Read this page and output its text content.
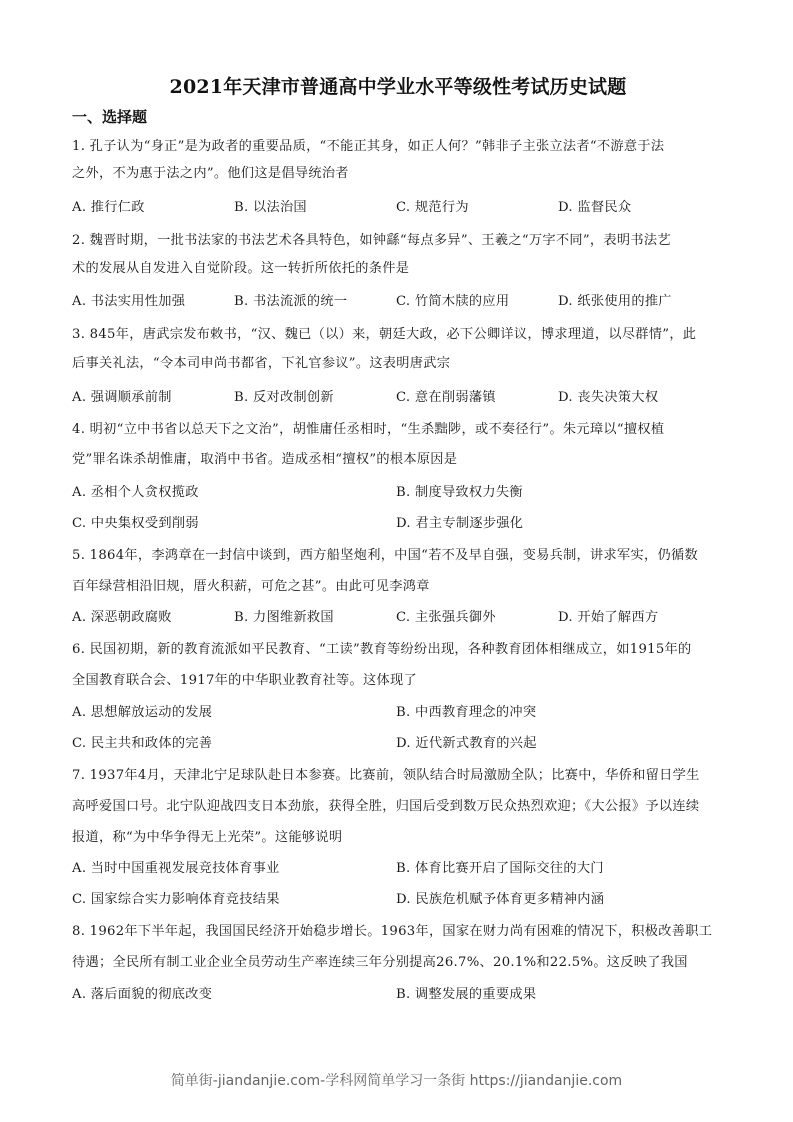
2021年天津市普通高中学业水平等级性考试历史试题
一、选择题
1. 孔子认为“身正”是为政者的重要品质，“不能正其身，如正人何？”韩非子主张立法者“不游意于法
之外，不为惠于法之内”。他们这是倡导统治者
A. 推行仁政	B. 以法治国	C. 规范行为	D. 监督民众
2. 魏晋时期，一批书法家的书法艺术各具特色，如钟繇“每点多异”、王羲之“万字不同”，表明书法艺
术的发展从自发进入自觉阶段。这一转折所依托的条件是
A. 书法实用性加强	B. 书法流派的统一	C. 竹简木牍的应用	D. 纸张使用的推广
3. 845年，唐武宗发布敕书，“汉、魏已（以）来，朝廷大政，必下公卿详议，博求理道，以尽群情”，此
后事关礼法，“令本司申尚书都省，下礼官参议”。这表明唐武宗
A. 强调顺承前制	B. 反对改制创新	C. 意在削弱藩镇	D. 丧失决策大权
4. 明初“立中书省以总天下之文治”，胡惟庸任丞相时，“生杀黜陟，或不奏径行”。朱元璋以“擅权植
党”罪名诛杀胡惟庸，取消中书省。造成丞相“擅权”的根本原因是
A. 丞相个人贪权揽政	B. 制度导致权力失衡
C. 中央集权受到削弱	D. 君主专制逐步强化
5. 1864年，李鸿章在一封信中谈到，西方船坚炮利，中国“若不及早自强，变易兵制，讲求军实，仍循数
百年绿营相沿旧规，厝火积薪，可危之甚”。由此可见李鸿章
A. 深恶朝政腐败	B. 力图维新救国	C. 主张强兵御外	D. 开始了解西方
6. 民国初期，新的教育流派如平民教育、“工读”教育等纷纷出现，各种教育团体相继成立，如1915年的
全国教育联合会、1917年的中华职业教育社等。这体现了
A. 思想解放运动的发展	B. 中西教育理念的冲突
C. 民主共和政体的完善	D. 近代新式教育的兴起
7. 1937年4月，天津北宁足球队赴日本参赛。比赛前，领队结合时局激励全队；比赛中，华侨和留日学生
高呼爱国口号。北宁队迎战四支日本劲旅，获得全胜，归国后受到数万民众热烈欢迎；《大公报》予以连续
报道，称“为中华争得无上光荣”。这能够说明
A. 当时中国重视发展竞技体育事业	B. 体育比赛开启了国际交往的大门
C. 国家综合实力影响体育竞技结果	D. 民族危机赋予体育更多精神内涵
8. 1962年下半年起，我国国民经济开始稳步增长。1963年，国家在财力尚有困难的情况下，积极改善职工
待遇；全民所有制工业企业全员劳动生产率连续三年分别提高26.7%、20.1%和22.5%。这反映了我国
A. 落后面貌的彻底改变	B. 调整发展的重要成果
简单街-jiandanjie.com-学科网简单学习一条街 https://jiandanjie.com
